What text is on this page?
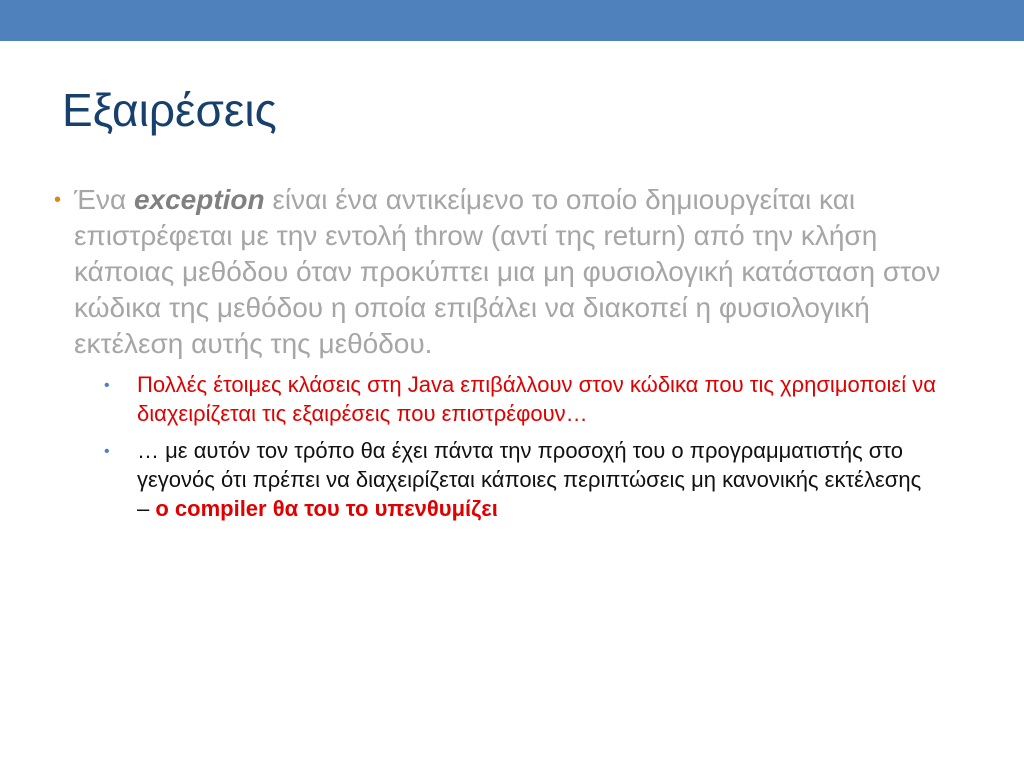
Εξαιρέσεις
• Ένα exception είναι ένα αντικείμενο το οποίο δημιουργείται και επιστρέφεται με την εντολή throw (αντί της return) από την κλήση κάποιας μεθόδου όταν προκύπτει μια μη φυσιολογική κατάσταση στον κώδικα της μεθόδου η οποία επιβάλει να διακοπεί η φυσιολογική εκτέλεση αυτής της μεθόδου.
• Πολλές έτοιμες κλάσεις στη Java επιβάλλουν στον κώδικα που τις χρησιμοποιεί να διαχειρίζεται τις εξαιρέσεις που επιστρέφουν…
• … με αυτόν τον τρόπο θα έχει πάντα την προσοχή του ο προγραμματιστής στο γεγονός ότι πρέπει να διαχειρίζεται κάποιες περιπτώσεις μη κανονικής εκτέλεσης – ο compiler θα του το υπενθυμίζει
